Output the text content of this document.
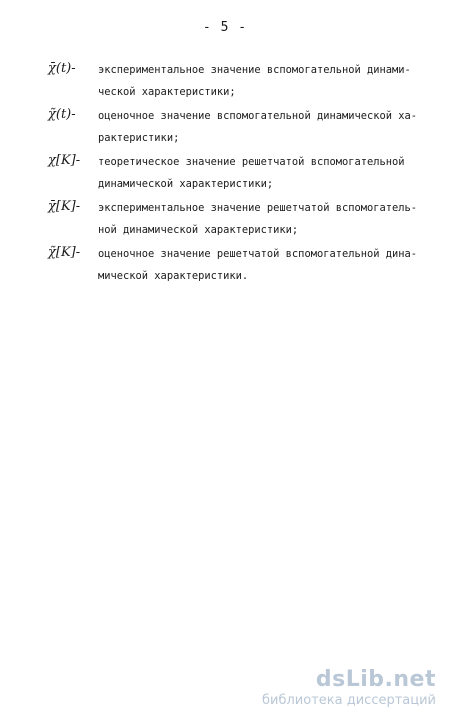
- 5 -
χ̄(t)-	экспериментальное значение вспомогательной динами-
ческой характеристики;
χ̃(t)-	оценочное значение вспомогательной динамической ха-
рактеристики;
χ[K]-	теоретическое значение решетчатой вспомогательной
динамической характеристики;
χ̄[K]-	экспериментальное значение решетчатой вспомогатель-
ной динамической характеристики;
χ̃[K]-	оценочное значение решетчатой вспомогательной дина-
мической характеристики.
dsLib.net
библиотека диссертаций
